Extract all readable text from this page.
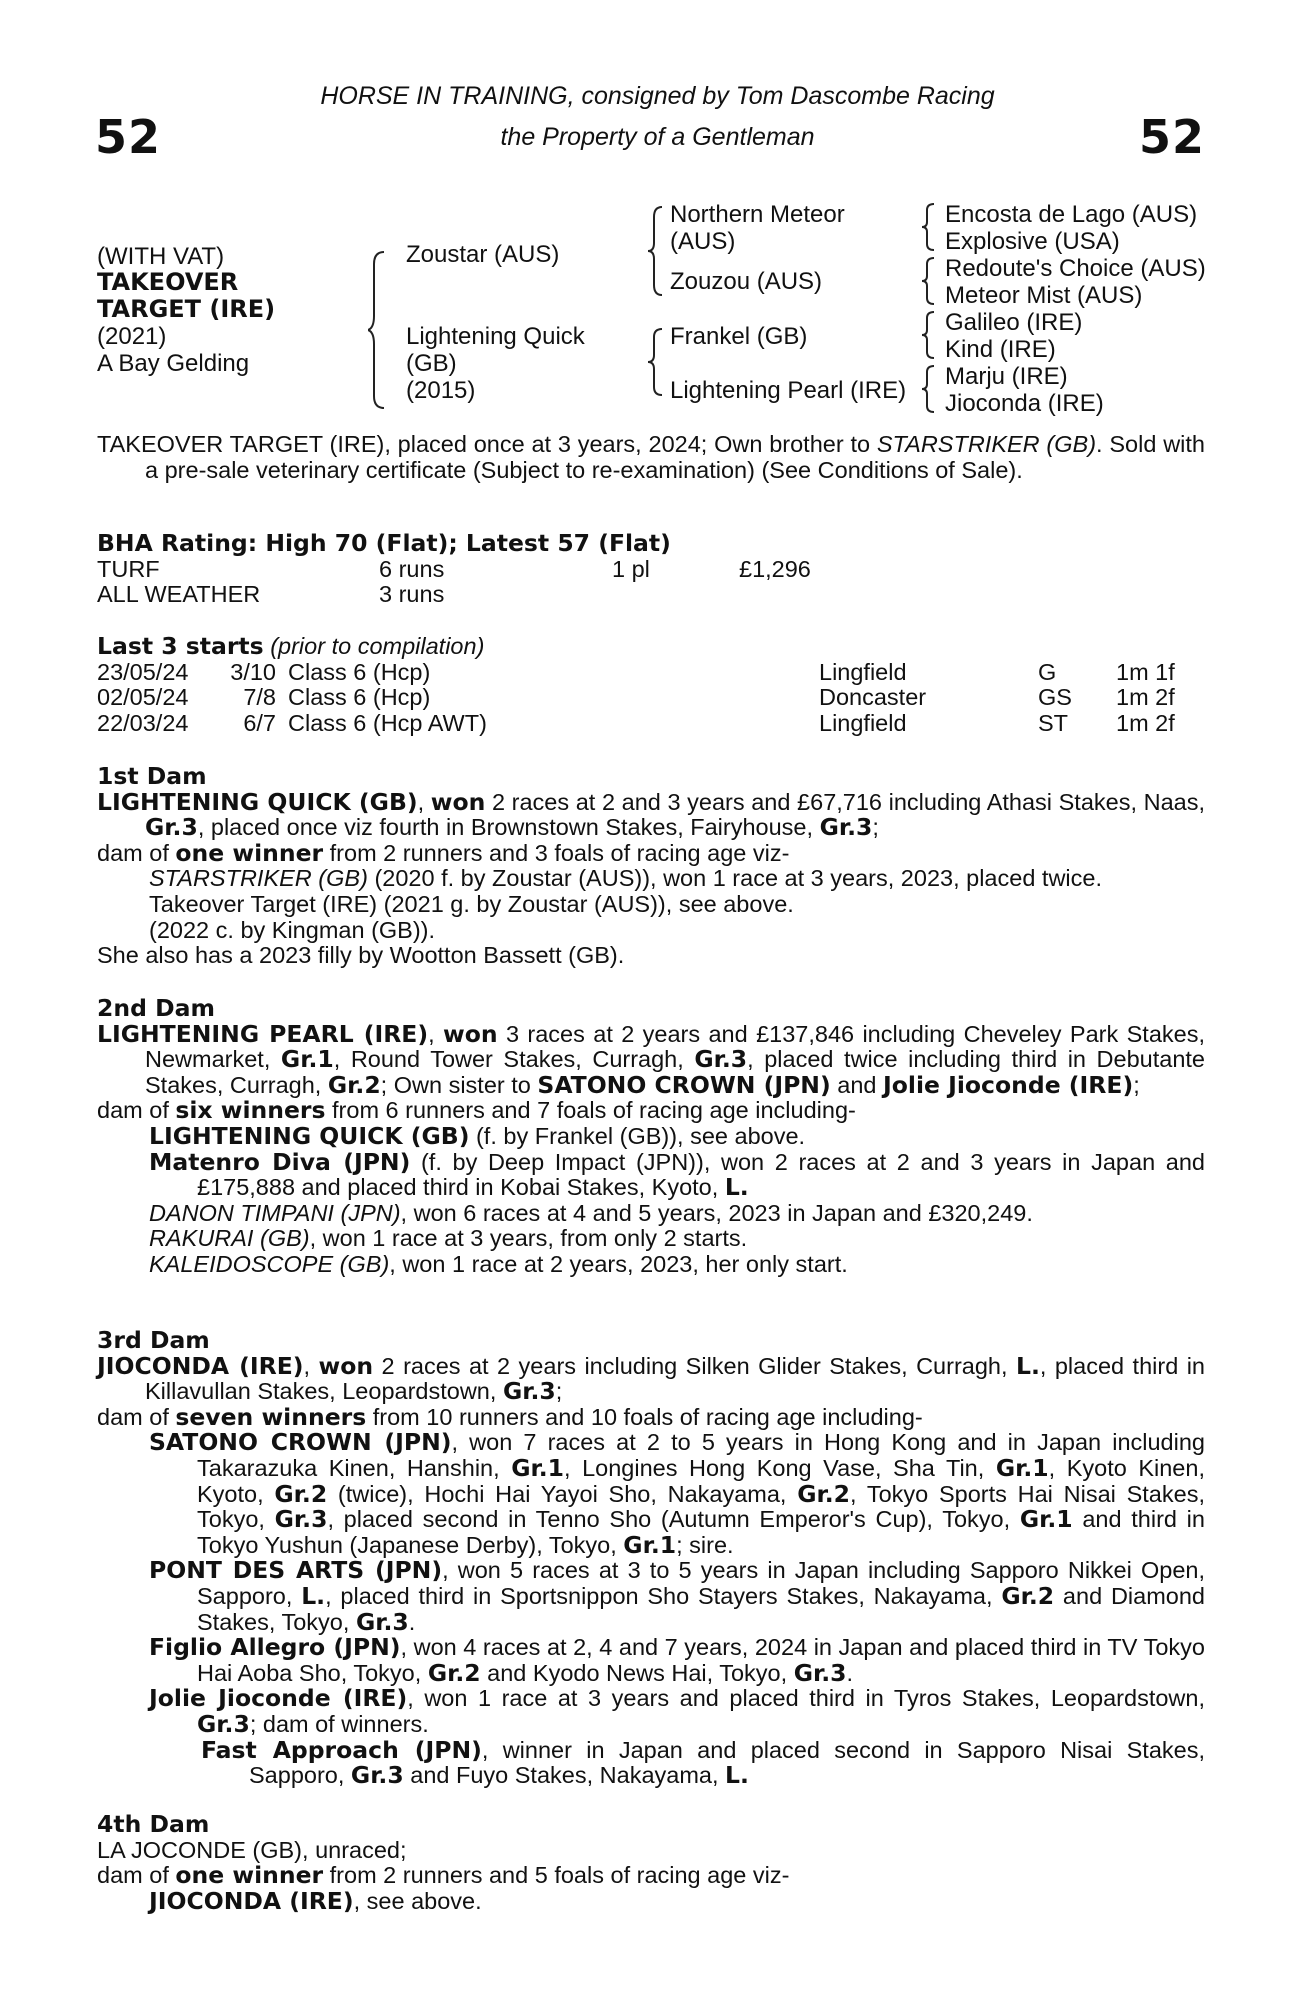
52	52
HORSE IN TRAINING, consigned by Tom Dascombe Racing
the Property of a Gentleman
(WITH VAT)
TAKEOVER
TARGET (IRE)
(2021)
A Bay Gelding
Zoustar (AUS)
Lightening Quick
(GB)
(2015)
Northern Meteor
(AUS)
Zouzou (AUS)
Frankel (GB)
Lightening Pearl (IRE)
Encosta de Lago (AUS)
Explosive (USA)
Redoute's Choice (AUS)
Meteor Mist (AUS)
Galileo (IRE)
Kind (IRE)
Marju (IRE)
Jioconda (IRE)

TAKEOVER TARGET (IRE), placed once at 3 years, 2024; Own brother to STARSTRIKER (GB). Sold with a pre-sale veterinary certificate (Subject to re-examination) (See Conditions of Sale).

BHA Rating: High 70 (Flat); Latest 57 (Flat)
TURF	6 runs	1 pl	£1,296
ALL WEATHER	3 runs
Last 3 starts (prior to compilation)
23/05/24	3/10 Class 6 (Hcp)	Lingfield	G	1m 1f
02/05/24	7/8 Class 6 (Hcp)	Doncaster	GS 1m 2f
22/03/24	6/7 Class 6 (Hcp AWT)	Lingfield	ST 1m 2f
1st Dam

LIGHTENING QUICK (GB), won 2 races at 2 and 3 years and £67,716 including Athasi Stakes, Naas, Gr.3, placed once viz fourth in Brownstown Stakes, Fairyhouse, Gr.3;

dam of one winner from 2 runners and 3 foals of racing age viz-

STARSTRIKER (GB) (2020 f. by Zoustar (AUS)), won 1 race at 3 years, 2023, placed twice.

Takeover Target (IRE) (2021 g. by Zoustar (AUS)), see above.

(2022 c. by Kingman (GB)).

She also has a 2023 filly by Wootton Bassett (GB).

2nd Dam

LIGHTENING PEARL (IRE), won 3 races at 2 years and £137,846 including Cheveley Park Stakes, Newmarket, Gr.1, Round Tower Stakes, Curragh, Gr.3, placed twice including third in Debutante Stakes, Curragh, Gr.2; Own sister to SATONO CROWN (JPN) and Jolie Jioconde (IRE);

dam of six winners from 6 runners and 7 foals of racing age including-

LIGHTENING QUICK (GB) (f. by Frankel (GB)), see above.

Matenro Diva (JPN) (f. by Deep Impact (JPN)), won 2 races at 2 and 3 years in Japan and £175,888 and placed third in Kobai Stakes, Kyoto, L.

DANON TIMPANI (JPN), won 6 races at 4 and 5 years, 2023 in Japan and £320,249.

RAKURAI (GB), won 1 race at 3 years, from only 2 starts.

KALEIDOSCOPE (GB), won 1 race at 2 years, 2023, her only start.

3rd Dam

JIOCONDA (IRE), won 2 races at 2 years including Silken Glider Stakes, Curragh, L., placed third in Killavullan Stakes, Leopardstown, Gr.3;

dam of seven winners from 10 runners and 10 foals of racing age including-

SATONO CROWN (JPN), won 7 races at 2 to 5 years in Hong Kong and in Japan including Takarazuka Kinen, Hanshin, Gr.1, Longines Hong Kong Vase, Sha Tin, Gr.1, Kyoto Kinen, Kyoto, Gr.2 (twice), Hochi Hai Yayoi Sho, Nakayama, Gr.2, Tokyo Sports Hai Nisai Stakes, Tokyo, Gr.3, placed second in Tenno Sho (Autumn Emperor's Cup), Tokyo, Gr.1 and third in Tokyo Yushun (Japanese Derby), Tokyo, Gr.1; sire.

PONT DES ARTS (JPN), won 5 races at 3 to 5 years in Japan including Sapporo Nikkei Open, Sapporo, L., placed third in Sportsnippon Sho Stayers Stakes, Nakayama, Gr.2 and Diamond Stakes, Tokyo, Gr.3.

Figlio Allegro (JPN), won 4 races at 2, 4 and 7 years, 2024 in Japan and placed third in TV Tokyo Hai Aoba Sho, Tokyo, Gr.2 and Kyodo News Hai, Tokyo, Gr.3.

Jolie Jioconde (IRE), won 1 race at 3 years and placed third in Tyros Stakes, Leopardstown, Gr.3; dam of winners.

Fast Approach (JPN), winner in Japan and placed second in Sapporo Nisai Stakes, Sapporo, Gr.3 and Fuyo Stakes, Nakayama, L.

4th Dam

LA JOCONDE (GB), unraced;

dam of one winner from 2 runners and 5 foals of racing age viz-

JIOCONDA (IRE), see above.
